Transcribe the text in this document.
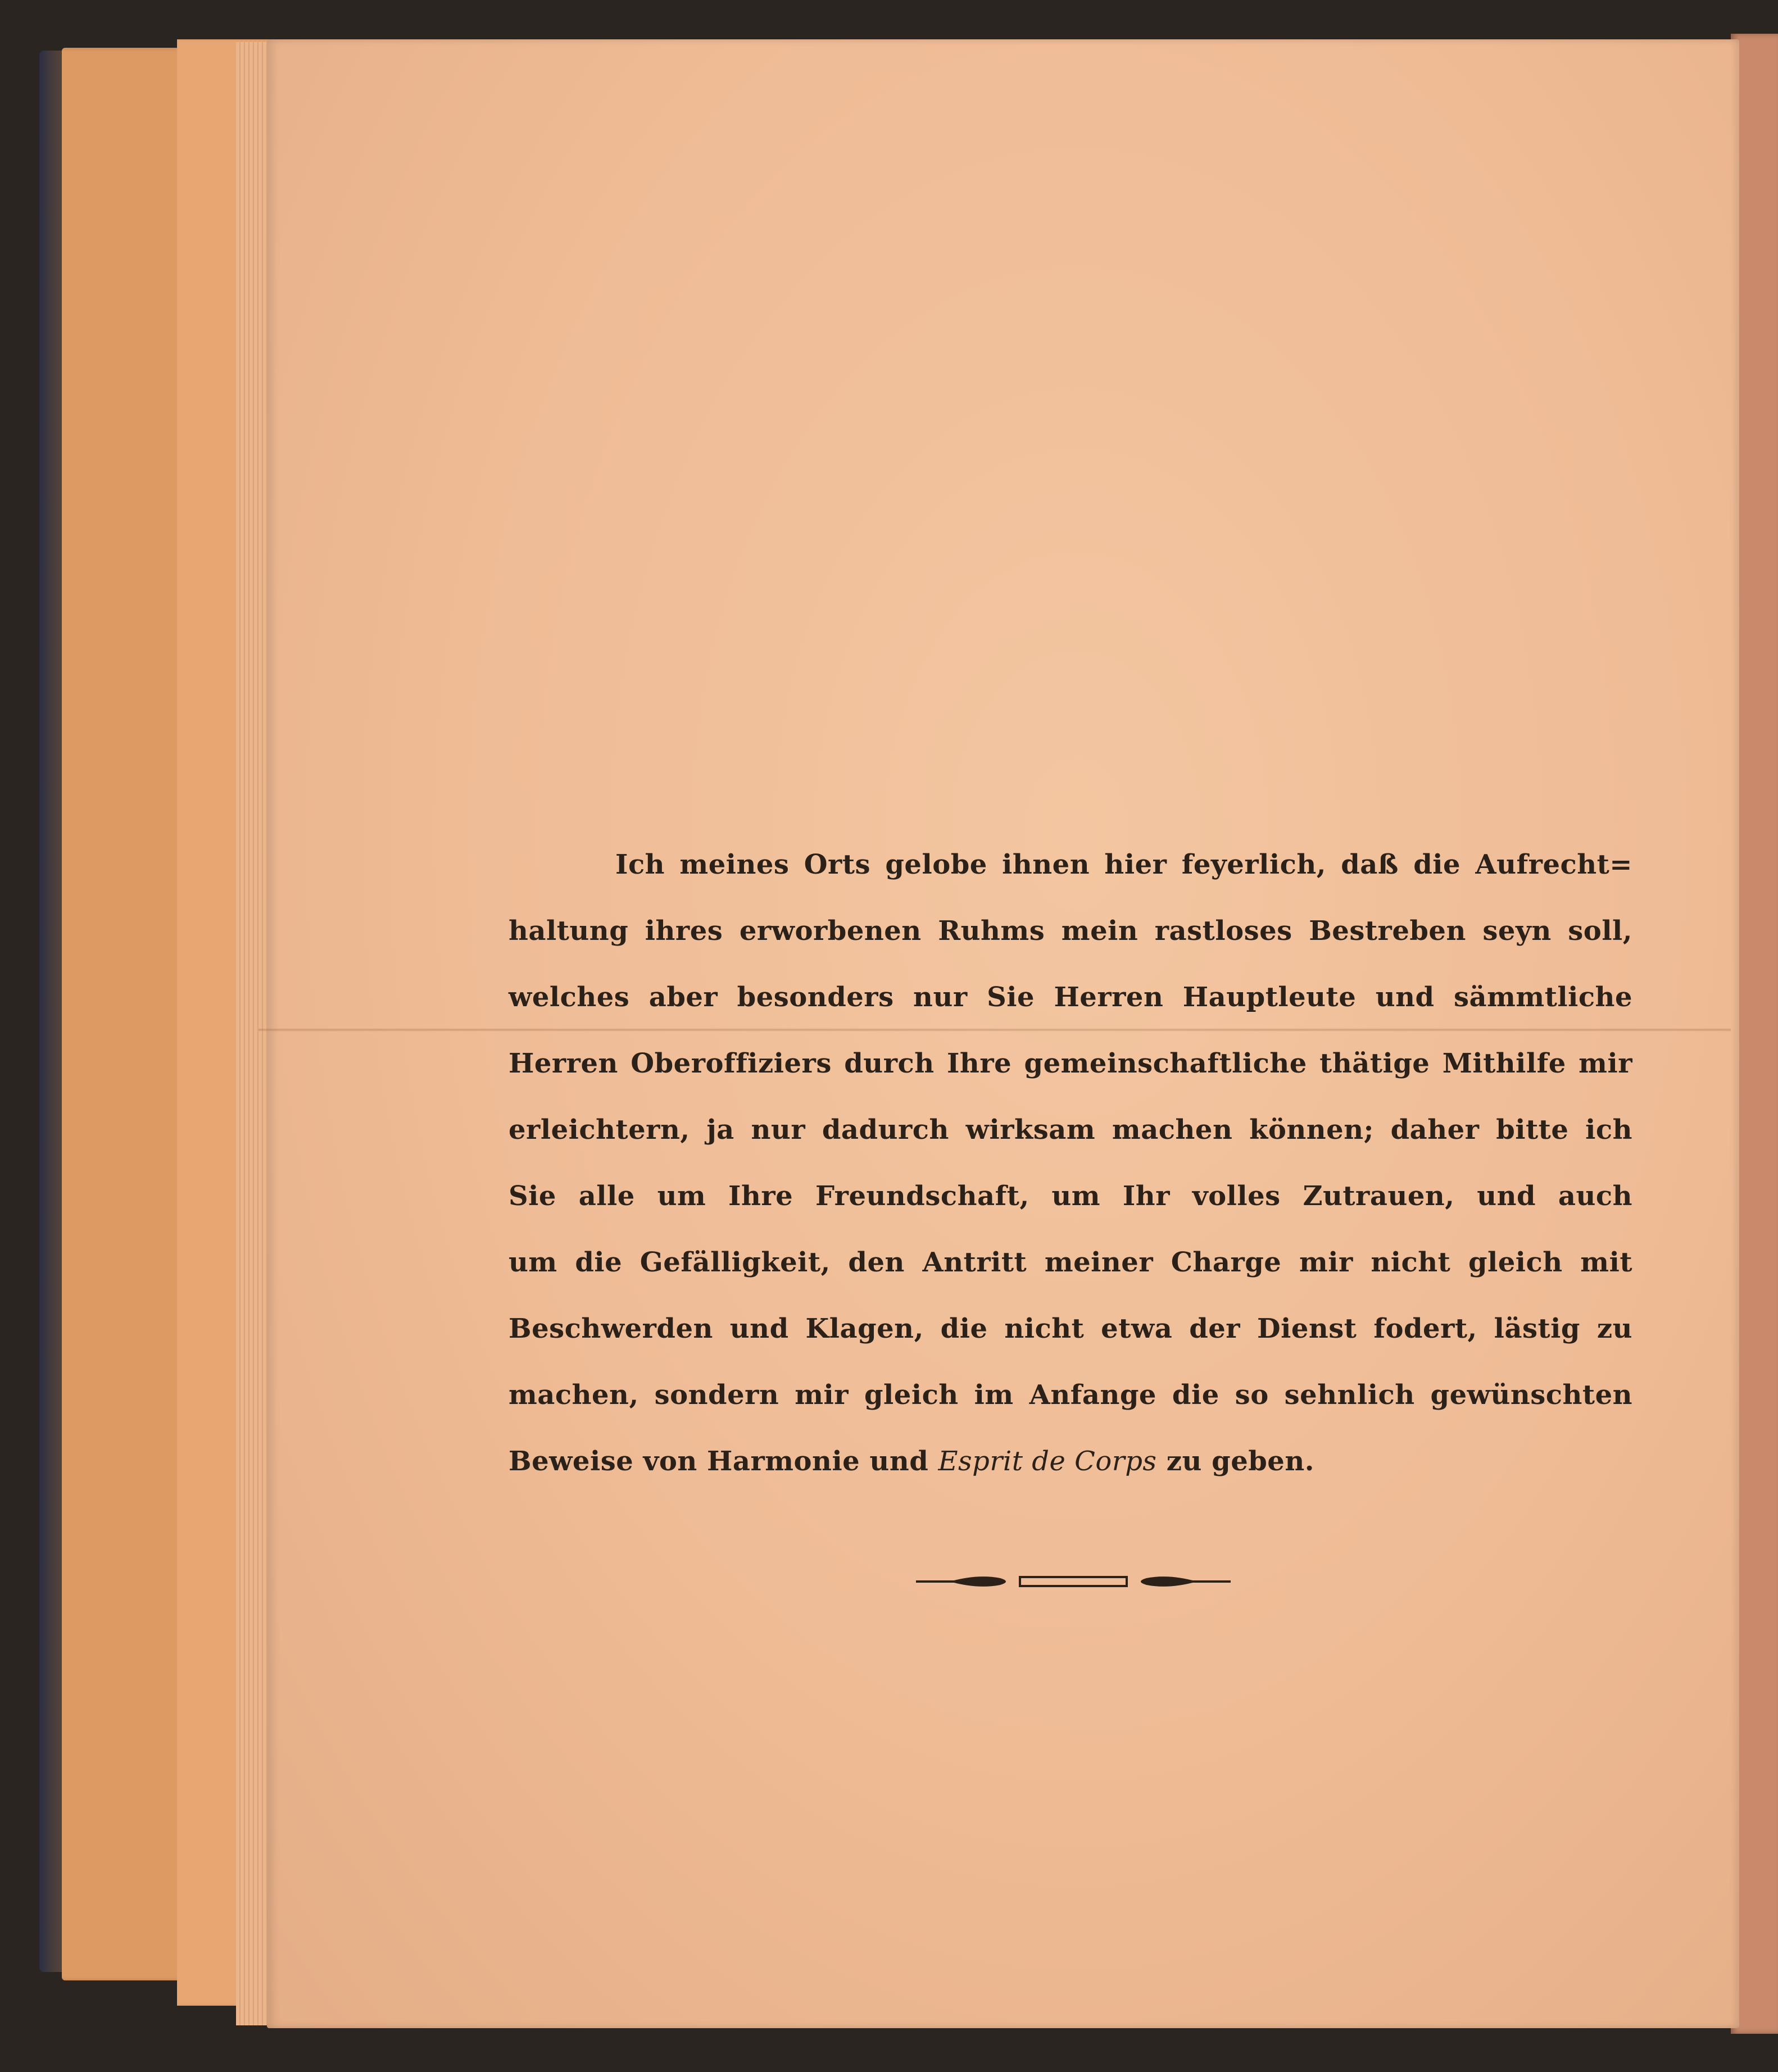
Ich meines Orts gelobe ihnen hier feyerlich, daß die Aufrecht=
haltung ihres erworbenen Ruhms mein rastloses Bestreben seyn soll,
welches aber besonders nur Sie Herren Hauptleute und sämmtliche
Herren Oberoffiziers durch Ihre gemeinschaftliche thätige Mithilfe mir
erleichtern, ja nur dadurch wirksam machen können; daher bitte ich
Sie alle um Ihre Freundschaft, um Ihr volles Zutrauen, und auch
um die Gefälligkeit, den Antritt meiner Charge mir nicht gleich mit
Beschwerden und Klagen, die nicht etwa der Dienst fodert, lästig zu
machen, sondern mir gleich im Anfange die so sehnlich gewünschten
Beweise von Harmonie und Esprit de Corps zu geben.
